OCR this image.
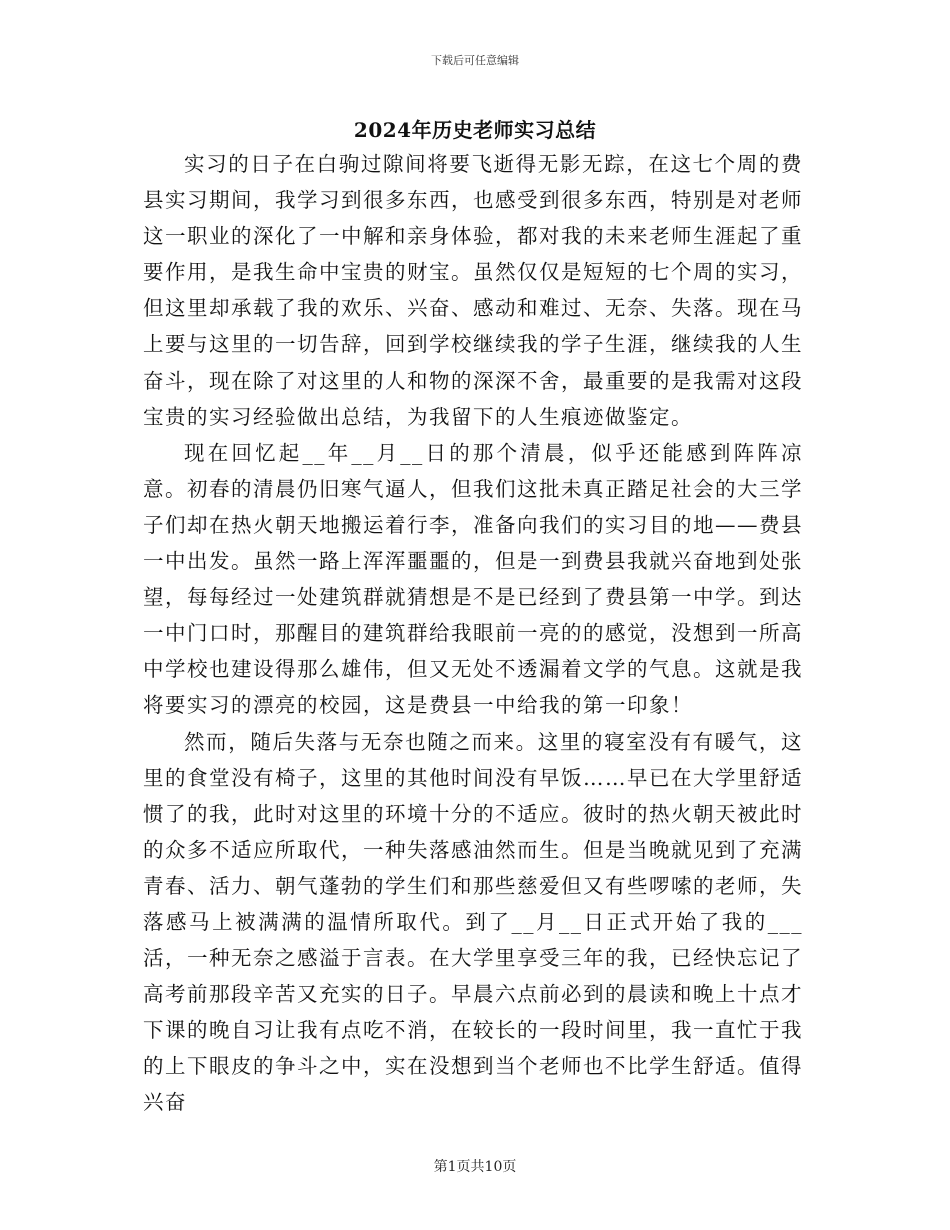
下载后可任意编辑
2024年历史老师实习总结

实习的日子在白驹过隙间将要飞逝得无影无踪，在这七个周的费县实习期间，我学习到很多东西，也感受到很多东西，特别是对老师这一职业的深化了一中解和亲身体验，都对我的未来老师生涯起了重要作用，是我生命中宝贵的财宝。虽然仅仅是短短的七个周的实习，但这里却承载了我的欢乐、兴奋、感动和难过、无奈、失落。现在马上要与这里的一切告辞，回到学校继续我的学子生涯，继续我的人生奋斗，现在除了对这里的人和物的深深不舍，最重要的是我需对这段宝贵的实习经验做出总结，为我留下的人生痕迹做鉴定。

现在回忆起__年__月__日的那个清晨，似乎还能感到阵阵凉意。初春的清晨仍旧寒气逼人，但我们这批未真正踏足社会的大三学子们却在热火朝天地搬运着行李，准备向我们的实习目的地——费县一中出发。虽然一路上浑浑噩噩的，但是一到费县我就兴奋地到处张望，每每经过一处建筑群就猜想是不是已经到了费县第一中学。到达一中门口时，那醒目的建筑群给我眼前一亮的的感觉，没想到一所高中学校也建设得那么雄伟，但又无处不透漏着文学的气息。这就是我将要实习的漂亮的校园，这是费县一中给我的第一印象！

然而，随后失落与无奈也随之而来。这里的寝室没有有暖气，这里的食堂没有椅子，这里的其他时间没有早饭……早已在大学里舒适惯了的我，此时对这里的环境十分的不适应。彼时的热火朝天被此时的众多不适应所取代，一种失落感油然而生。但是当晚就见到了充满青春、活力、朝气蓬勃的学生们和那些慈爱但又有些啰嗦的老师，失落感马上被满满的温情所取代。到了__月__日正式开始了我的___活，一种无奈之感溢于言表。在大学里享受三年的我，已经快忘记了高考前那段辛苦又充实的日子。早晨六点前必到的晨读和晚上十点才下课的晚自习让我有点吃不消，在较长的一段时间里，我一直忙于我的上下眼皮的争斗之中，实在没想到当个老师也不比学生舒适。值得兴奋

第1页共10页
